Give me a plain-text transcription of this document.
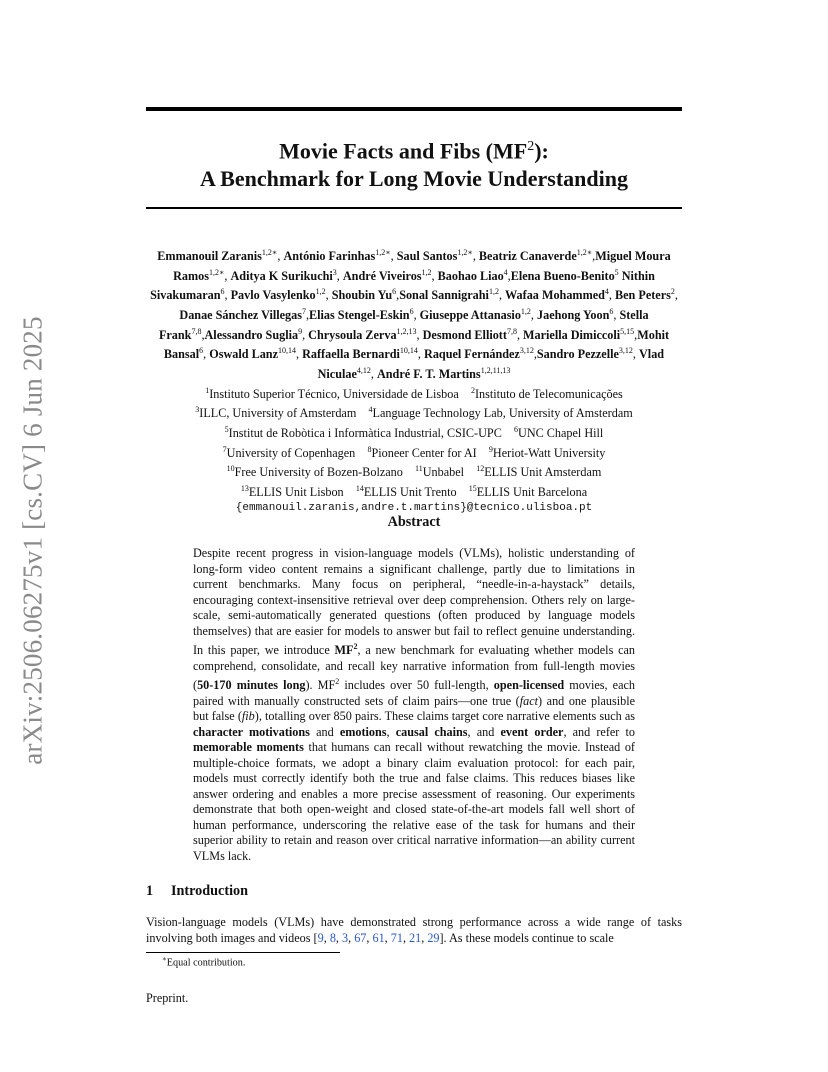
arXiv:2506.06275v1 [cs.CV] 6 Jun 2025
Movie Facts and Fibs $(MF^2)$:
A Benchmark for Long Movie Understanding
Emmanouil Zaranis$^{1,2∗}$, António Farinhas$^{1,2∗}$, Saul Santos$^{1,2∗}$, Beatriz Canaverde$^{1,2∗}$,Miguel Moura Ramos$^{1,2∗}$, Aditya K Surikuchi$^3$, André Viveiros$^{1,2}$, Baohao Liao$^4$,Elena Bueno-Benito$^5$ Nithin Sivakumaran$^6$, Pavlo Vasylenko$^{1,2}$, Shoubin Yu$^6$,Sonal Sannigrahi$^{1,2}$, Wafaa Mohammed$^4$, Ben Peters$^2$, Danae Sánchez Villegas$^7$,Elias Stengel-Eskin$^6$, Giuseppe Attanasio$^{1,2}$, Jaehong Yoon$^6$, Stella Frank$^{7,8}$,Alessandro Suglia$^9$, Chrysoula Zerva$^{1,2,13}$, Desmond Elliott$^{7,8}$, Mariella Dimiccoli$^{5,15}$,Mohit Bansal$^6$, Oswald Lanz$^{10,14}$, Raffaella Bernardi$^{10,14}$, Raquel Fernández$^{3,12}$,Sandro Pezzelle$^{3,12}$, Vlad Niculae$^{4,12}$, André F. T. Martins$^{1,2,11,13}$
$^1$Instituto Superior Técnico, Universidade de Lisboa  $^2$Instituto de Telecomunicações
$^3$ILLC, University of Amsterdam  $^4$Language Technology Lab, University of Amsterdam
$^5$Institut de Robòtica i Informàtica Industrial, CSIC-UPC  $^6$UNC Chapel Hill
$^7$University of Copenhagen  $^8$Pioneer Center for AI  $^9$Heriot-Watt University
$^{10}$Free University of Bozen-Bolzano  $^{11}$Unbabel  $^{12}$ELLIS Unit Amsterdam
$^{13}$ELLIS Unit Lisbon  $^{14}$ELLIS Unit Trento  $^{15}$ELLIS Unit Barcelona
{emmanouil.zaranis,andre.t.martins}@tecnico.ulisboa.pt
Abstract
Despite recent progress in vision-language models (VLMs), holistic understanding of long-form video content remains a significant challenge, partly due to limitations in current benchmarks. Many focus on peripheral, “needle-in-a-haystack” details, encouraging context-insensitive retrieval over deep comprehension. Others rely on large-scale, semi-automatically generated questions (often produced by language models themselves) that are easier for models to answer but fail to reflect genuine understanding. In this paper, we introduce $MF^2$, a new benchmark for evaluating whether models can comprehend, consolidate, and recall key narrative information from full-length movies (50-170 minutes long). $MF^2$ includes over 50 full-length, open-licensed movies, each paired with manually constructed sets of claim pairs—one true (fact) and one plausible but false (fib), totalling over 850 pairs. These claims target core narrative elements such as character motivations and emotions, causal chains, and event order, and refer to memorable moments that humans can recall without rewatching the movie. Instead of multiple-choice formats, we adopt a binary claim evaluation protocol: for each pair, models must correctly identify both the true and false claims. This reduces biases like answer ordering and enables a more precise assessment of reasoning. Our experiments demonstrate that both open-weight and closed state-of-the-art models fall well short of human performance, underscoring the relative ease of the task for humans and their superior ability to retain and reason over critical narrative information—an ability current VLMs lack.
1 Introduction
Vision-language models (VLMs) have demonstrated strong performance across a wide range of tasks involving both images and videos [9, 8, 3, 67, 61, 71, 21, 29]. As these models continue to scale
∗Equal contribution.
Preprint.
